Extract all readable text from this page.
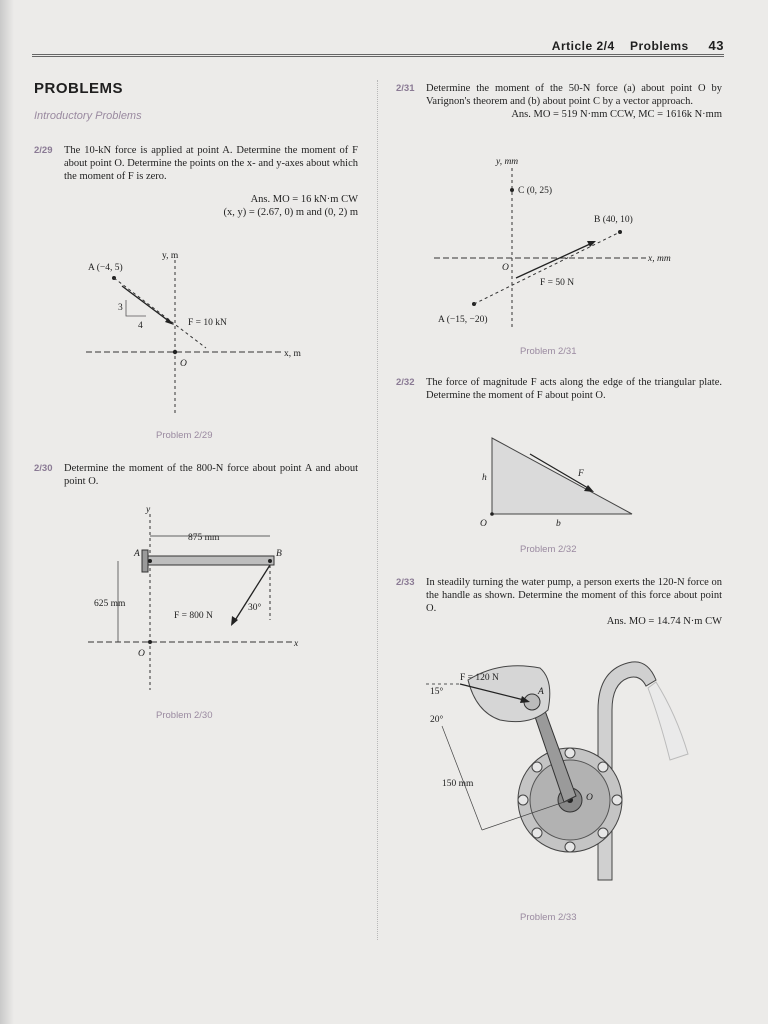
Article 2/4 Problems 43
PROBLEMS
Introductory Problems
2/29 The 10-kN force is applied at point A. Determine the moment of F about point O. Determine the points on the x- and y-axes about which the moment of F is zero.
Ans. MO = 16 kN·m CW
(x, y) = (2.67, 0) m and (0, 2) m
y, m
x, m
A (−4, 5)
3
4	F = 10 kN
O
Problem 2/29
2/30 Determine the moment of the 800-N force about point A and about point O.
y
x
875 mm
A	B
625 mm
F = 800 N
30°
O
Problem 2/30
2/31 Determine the moment of the 50-N force (a) about point O by Varignon's theorem and (b) about point C by a vector approach.
Ans. MO = 519 N·mm CCW, MC = 1616k N·mm
y, mm
x, mm
C (0, 25)
B (40, 10)
O
F = 50 N
A (−15, −20)
Problem 2/31
2/32 The force of magnitude F acts along the edge of the triangular plate. Determine the moment of F about point O.
h	F
O	b
Problem 2/32
2/33 In steadily turning the water pump, a person exerts the 120-N force on the handle as shown. Determine the moment of this force about point O.
Ans. MO = 14.74 N·m CW
F = 120 N
15°
20°
A
150 mm
O
Problem 2/33
